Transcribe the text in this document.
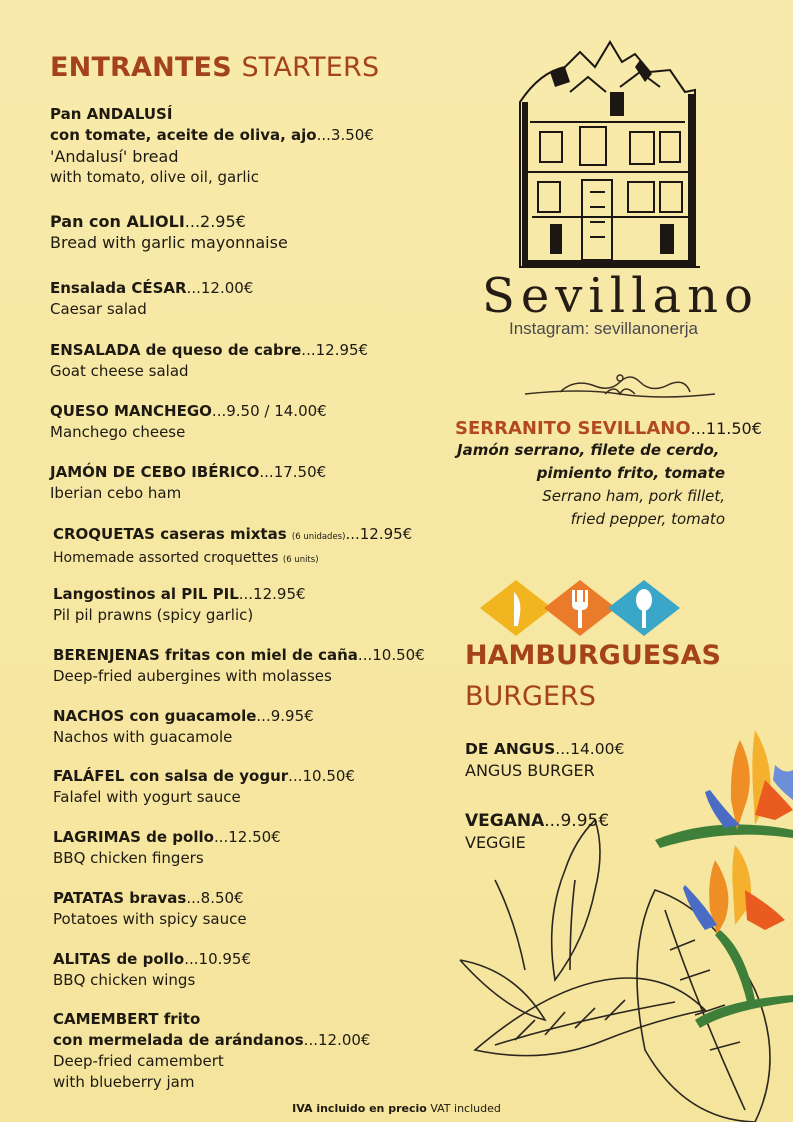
ENTRANTES STARTERS
Pan ANDALUSÍ
con tomate, aceite de oliva, ajo...3.50€
'Andalusí' bread
with tomato, olive oil, garlic
Pan con ALIOLI...2.95€
Bread with garlic mayonnaise
Ensalada CÉSAR...12.00€
Caesar salad
ENSALADA de queso de cabre...12.95€
Goat cheese salad
QUESO MANCHEGO...9.50 / 14.00€
Manchego cheese
JAMÓN DE CEBO IBÉRICO...17.50€
Iberian cebo ham
CROQUETAS caseras mixtas (6 unidades)...12.95€
Homemade assorted croquettes (6 units)
Langostinos al PIL PIL...12.95€
Pil pil prawns (spicy garlic)
BERENJENAS fritas con miel de caña...10.50€
Deep-fried aubergines with molasses
NACHOS con guacamole...9.95€
Nachos with guacamole
FALÁFEL con salsa de yogur...10.50€
Falafel with yogurt sauce
LAGRIMAS de pollo...12.50€
BBQ chicken fingers
PATATAS bravas...8.50€
Potatoes with spicy sauce
ALITAS de pollo...10.95€
BBQ chicken wings
CAMEMBERT frito
con mermelada de arándanos...12.00€
Deep-fried camembert
with blueberry jam
Sevillano
Instagram: sevillanonerja
SERRANITO SEVILLANO...11.50€
Jamón serrano, filete de cerdo,
pimiento frito, tomate
Serrano ham, pork fillet,
fried pepper, tomato
HAMBURGUESAS
BURGERS
DE ANGUS...14.00€
ANGUS BURGER
VEGANA...9.95€
VEGGIE
IVA incluido en precio VAT included
